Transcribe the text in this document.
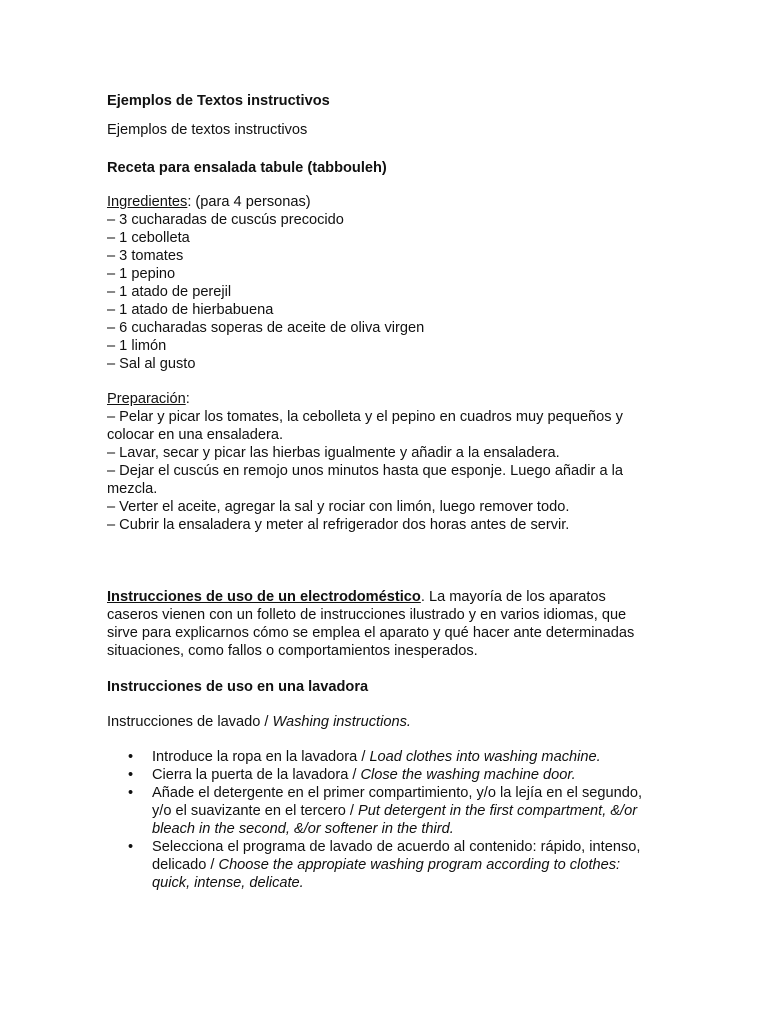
Ejemplos de Textos instructivos

Ejemplos de textos instructivos

Receta para ensalada tabule (tabbouleh)

Ingredientes: (para 4 personas)
– 3 cucharadas de cuscús precocido
– 1 cebolleta
– 3 tomates
– 1 pepino
– 1 atado de perejil
– 1 atado de hierbabuena
– 6 cucharadas soperas de aceite de oliva virgen
– 1 limón
– Sal al gusto
Preparación:
– Pelar y picar los tomates, la cebolleta y el pepino en cuadros muy pequeños y colocar en una ensaladera.
– Lavar, secar y picar las hierbas igualmente y añadir a la ensaladera.
– Dejar el cuscús en remojo unos minutos hasta que esponje. Luego añadir a la mezcla.
– Verter el aceite, agregar la sal y rociar con limón, luego remover todo.
– Cubrir la ensaladera y meter al refrigerador dos horas antes de servir.

Instrucciones de uso de un electrodoméstico. La mayoría de los aparatos caseros vienen con un folleto de instrucciones ilustrado y en varios idiomas, que sirve para explicarnos cómo se emplea el aparato y qué hacer ante determinadas situaciones, como fallos o comportamientos inesperados.

Instrucciones de uso en una lavadora

Instrucciones de lavado / Washing instructions.

• Introduce la ropa en la lavadora / Load clothes into washing machine.
• Cierra la puerta de la lavadora / Close the washing machine door.
• Añade el detergente en el primer compartimiento, y/o la lejía en el segundo, y/o el suavizante en el tercero / Put detergent in the first compartment, &/or bleach in the second, &/or softener in the third.
• Selecciona el programa de lavado de acuerdo al contenido: rápido, intenso, delicado / Choose the appropiate washing program according to clothes: quick, intense, delicate.
